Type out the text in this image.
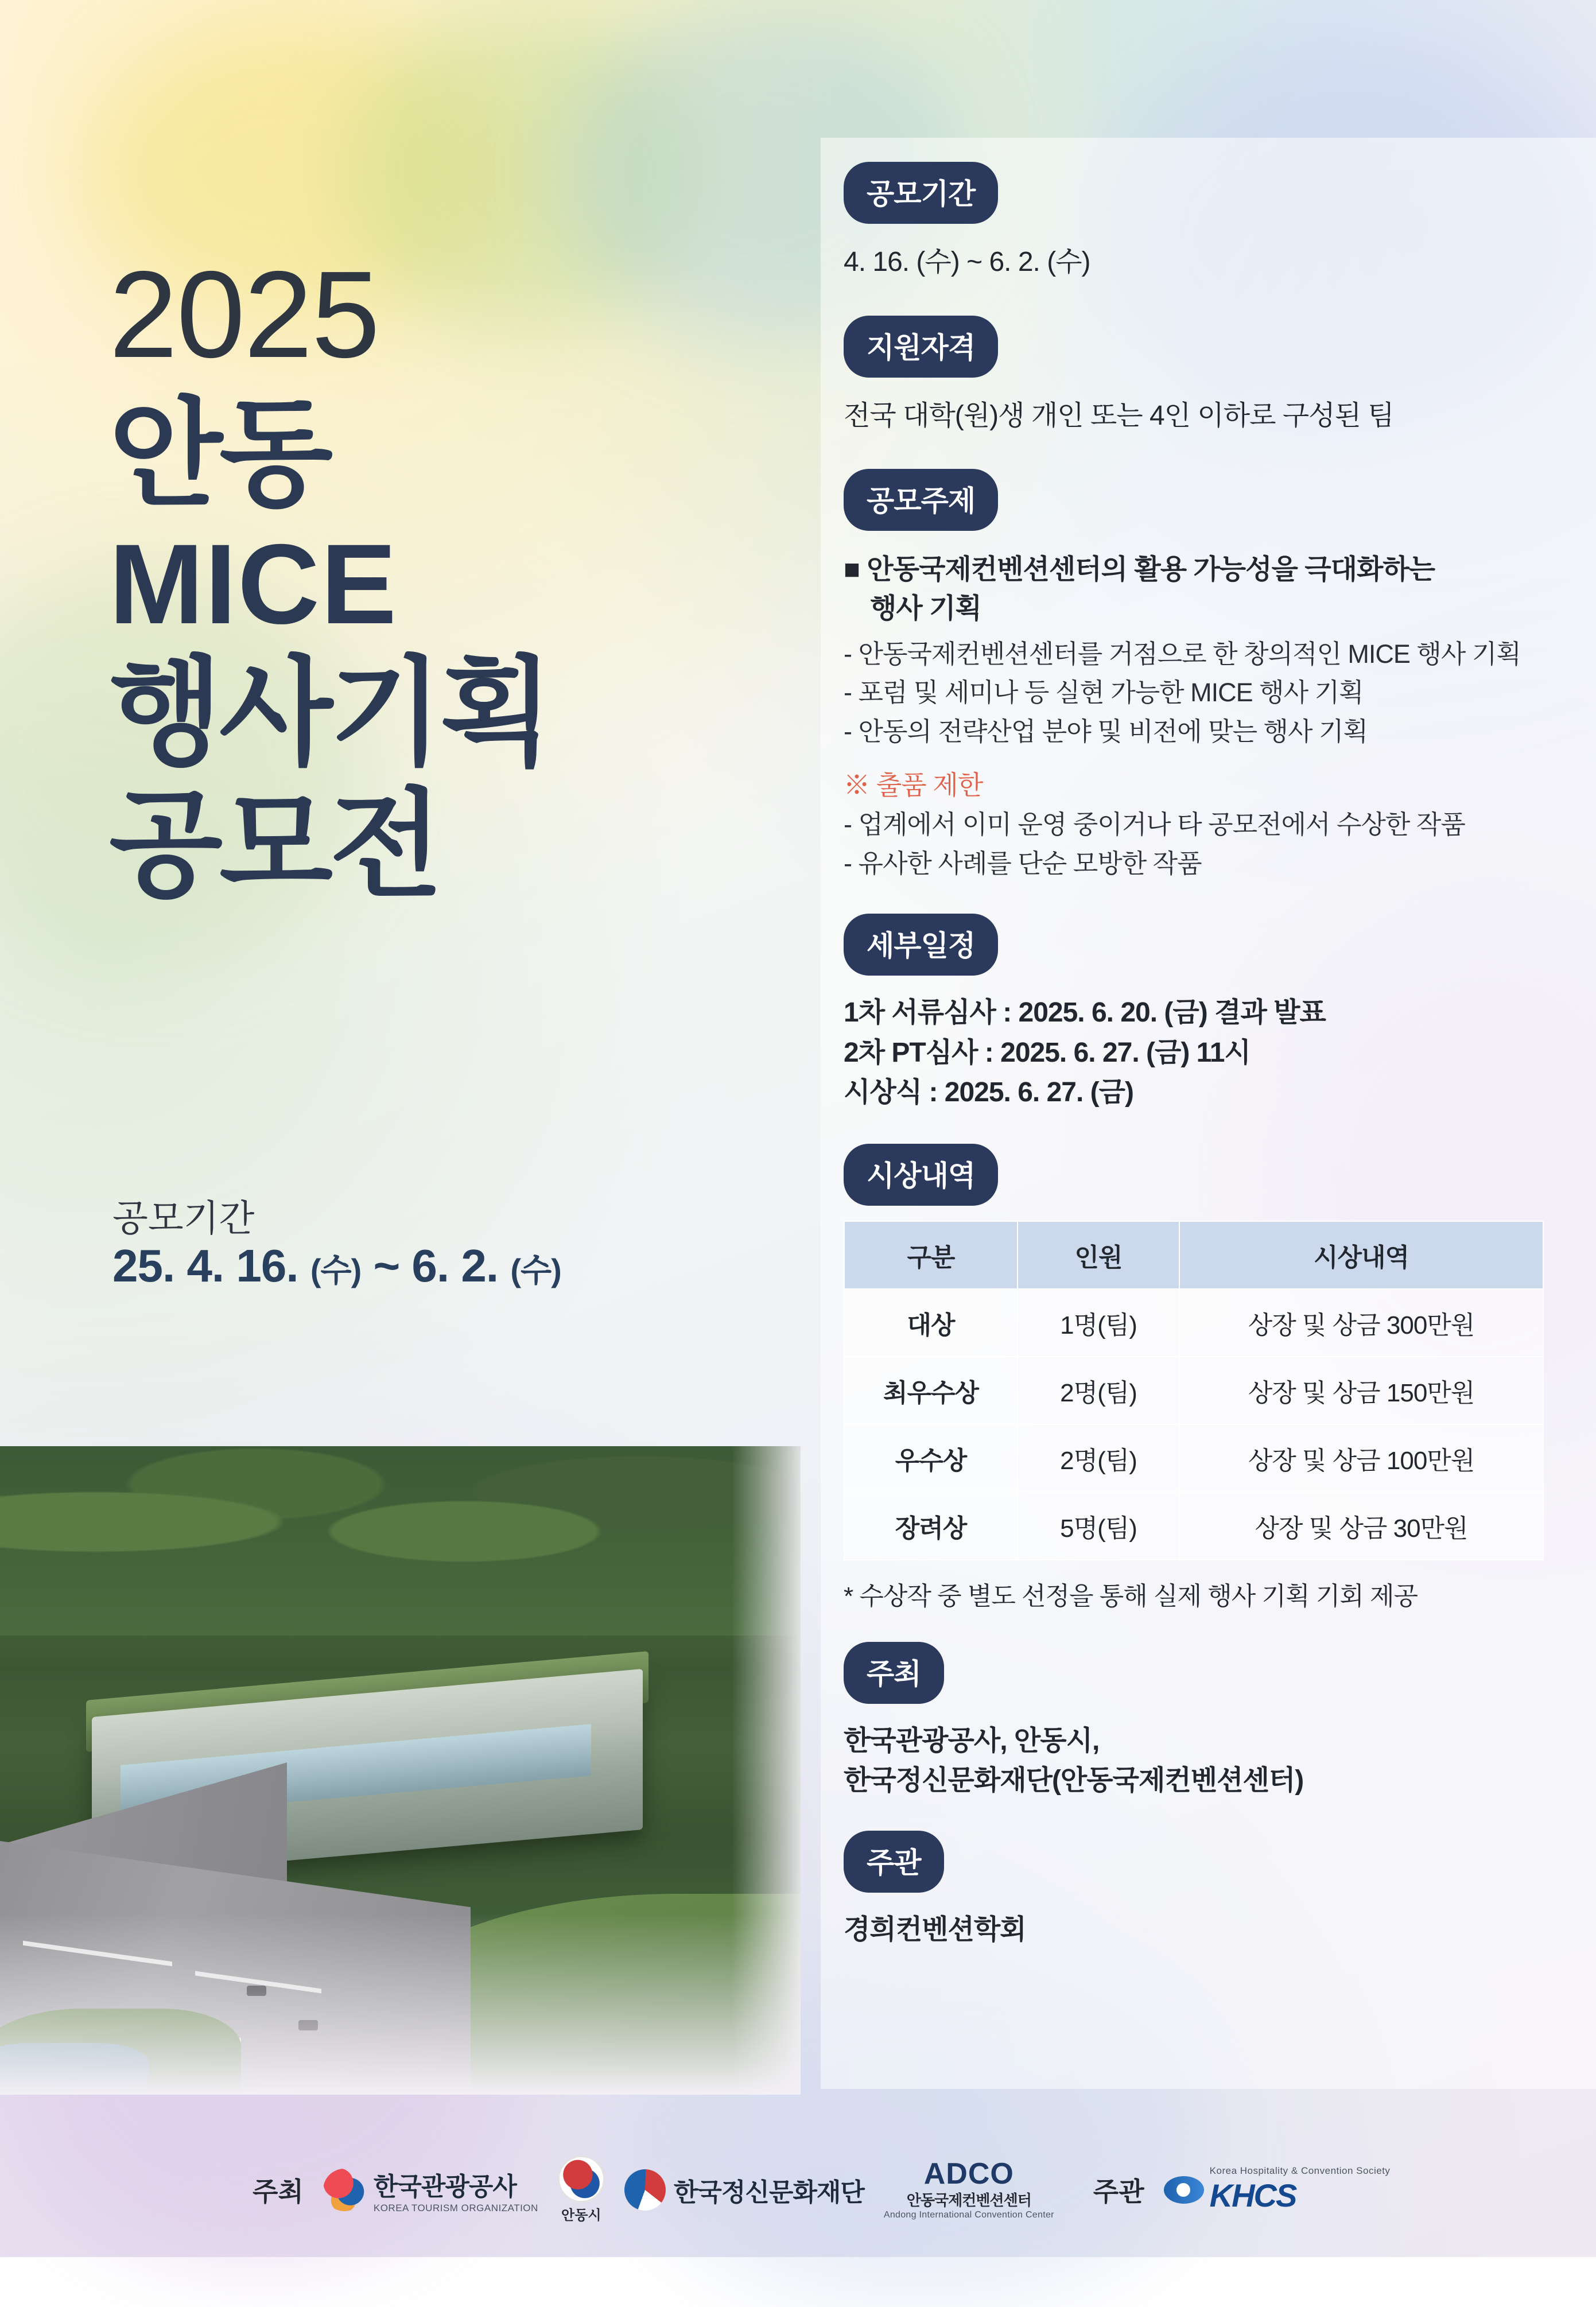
2025
안동
MICE
행사기획
공모전
공모기간
25. 4. 16. (수) ~ 6. 2. (수)
공모기간
4. 16. (수) ~ 6. 2. (수)
지원자격
전국 대학(원)생 개인 또는 4인 이하로 구성된 팀
공모주제
■ 안동국제컨벤션센터의 활용 가능성을 극대화하는
행사 기획
- 안동국제컨벤션센터를 거점으로 한 창의적인 MICE 행사 기획
- 포럼 및 세미나 등 실현 가능한 MICE 행사 기획
- 안동의 전략산업 분야 및 비전에 맞는 행사 기획
※ 출품 제한
- 업계에서 이미 운영 중이거나 타 공모전에서 수상한 작품
- 유사한 사례를 단순 모방한 작품
세부일정
1차 서류심사 : 2025. 6. 20. (금) 결과 발표
2차 PT심사 : 2025. 6. 27. (금) 11시
시상식 : 2025. 6. 27. (금)
시상내역
구분	인원	시상내역
대상	1명(팀)	상장 및 상금 300만원
최우수상	2명(팀)	상장 및 상금 150만원
우수상	2명(팀)	상장 및 상금 100만원
장려상	5명(팀)	상장 및 상금 30만원
* 수상작 중 별도 선정을 통해 실제 행사 기획 기회 제공
주최
한국관광공사, 안동시,
한국정신문화재단(안동국제컨벤션센터)
주관
경희컨벤션학회
주최	한국관광공사
KOREA TOURISM ORGANIZATION 안동시
한국정신문화재단
ADCO
안동국제컨벤션센터
Andong International Convention Center
주관
Korea Hospitality & Convention Society
KHCS
